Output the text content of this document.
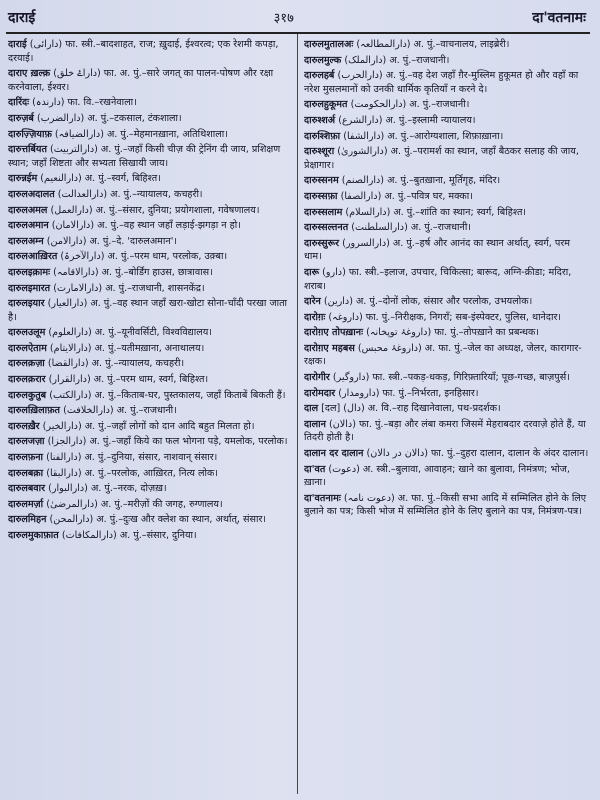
दाराई	३१७	दा'वतनामः

दाराई (دارائی) फा. स्त्री.–बादशाहत, राज; ख़ुदाई, ईश्वरत्व; एक रेशमी कपड़ा, दरयाई।

दाराए ख़ल्क़ (داراۓ خلق) फा. अ. पुं.–सारे जगत् का पालन-पोषण और रक्षा करनेवाला, ईश्वर।

दारिंदः (دارندہ) फा. वि.–रखनेवाला।

दारुज़र्ब (دارالضرب) अ. पुं.–टकसाल, टंकशाला।

दारुज़्ज़ियाफ़ (دارالضیافہ) अ. पुं.–मेहमानख़ाना, अतिथिशाला।

दारुत्तर्बियत (دارالتربیت) अ. पुं.–जहाँ किसी चीज़ की ट्रेनिंग दी जाय, प्रशिक्षण स्थान; जहाँ शिष्टता और सभ्यता सिखायी जाय।

दारुन्नईम (دارالنعیم) अ. पुं.–स्वर्ग, बिहिश्त।

दारुलअदालत (دارالعدالت) अ. पुं.–न्यायालय, कचहरी।

दारुलअमल (دارالعمل) अ. पुं.–संसार, दुनिया; प्रयोगशाला, गवेषणालय।

दारुलअमान (دارالامان) अ. पुं.–वह स्थान जहाँ लड़ाई-झगड़ा न हो।

दारुलअम्न (دارالامن) अ. पुं.–दे. 'दारुलअमान'।

दारुलआख़िरत (دارالآخرۃ) अ. पुं.–परम धाम, परलोक, उक़्बा।

दारुलइक़ामः (دارالاقامہ) अ. पुं.–बोर्डिंग हाउस, छात्रावास।

दारुलइमारत (دارالامارت) अ. पुं.–राजधानी, शासनकेंद्र।

दारुलइयार (دارالعیار) अ. पुं.–वह स्थान जहाँ खरा-खोटा सोना-चाँदी परखा जाता है।

दारुलउलूम (دارالعلوم) अ. पुं.–यूनीवर्सिटी, विश्वविद्यालय।

दारुलऐताम (دارالایتام) अ. पुं.–यतीमख़ाना, अनाथालय।

दारुलक़ज़ा (دارالقضا) अ. पुं.–न्यायालय, कचहरी।

दारुलक़रार (دارالقرار) अ. पुं.–परम धाम, स्वर्ग, बिहिश्त।

दारुलकुतुब (دارالکتب) अ. पुं.–किताब-घर, पुस्तकालय, जहाँ किताबें बिकती हैं।

दारुलख़िलाफ़त (دارالخلافت) अ. पुं.–राजधानी।

दारुलख़ैर (دارالخیر) अ. पुं.–जहाँ लोगों को दान आदि बहुत मिलता हो।

दारुलजज़ा (دارالجزا) अ. पुं.–जहाँ किये का फल भोगना पड़े, यमलोक, परलोक।

दारुलफ़ना (دارالفنا) अ. पुं.–दुनिया, संसार, नाशवान् संसार।

दारुलबक़ा (دارالبقا) अ. पुं.–परलोक, आख़िरत, नित्य लोक।

दारुलबवार (دارالبوار) अ. पुं.–नरक, दोज़ख़।

दारुलमर्ज़ा (دارالمرضیٰ) अ. पुं.–मरीज़ों की जगह, रुग्णालय।

दारुलमिहन (دارالمحن) अ. पुं.–दुःख और क्लेश का स्थान, अर्थात्, संसार।

दारुलमुकाफ़ात (دارالمکافات) अ. पुं.–संसार, दुनिया।

दारुलमुतालअः (دارالمطالعہ) अ. पुं.–वाचनालय, लाइब्रेरी।

दारुलमुल्क (دارالملک) अ. पुं.–राजधानी।

दारुलहर्ब (دارالحرب) अ. पुं.–वह देश जहाँ ग़ैर-मुस्लिम हुकूमत हो और वहाँ का नरेश मुसलमानों को उनकी धार्मिक कृतियाँ न करने दे।

दारुलहुकूमत (دارالحکومت) अ. पुं.–राजधानी।

दारुश्शर्अ (دارالشرع) अ. पुं.–इस्लामी न्यायालय।

दारुश्शिफ़ा (دارالشفا) अ. पुं.–आरोग्यशाला, शिफ़ाख़ाना।

दारुश्शूरा (دارالشوریٰ) अ. पुं.–परामर्श का स्थान, जहाँ बैठकर सलाह की जाय, प्रेक्षागार।

दारुस्सनम (دارالصنم) अ. पुं.–बुतख़ाना, मूर्तिगृह, मंदिर।

दारुस्सफ़ा (دارالصفا) अ. पुं.–पवित्र घर, मक्का।

दारुस्सलाम (دارالسلام) अ. पुं.–शांति का स्थान; स्वर्ग, बिहिश्त।

दारुस्सल्तनत (دارالسلطنت) अ. पुं.–राजधानी।

दारुस्सुरूर (دارالسرور) अ. पुं.–हर्ष और आनंद का स्थान अर्थात्, स्वर्ग, परम धाम।

दारू (دارو) फा. स्त्री.–इलाज, उपचार, चिकित्सा; बारूद, अग्नि-क्रीडा; मदिरा, शराब।

दारेन (دارین) अ. पुं.–दोनों लोक, संसार और परलोक, उभयलोक।

दारोग़ः (داروغہ) फा. पुं.–निरीक्षक, निगराँ; सब-इंस्पेक्टर, पुलिस, थानेदार।

दारोग़ए तोपख़ानः (داروغۂ توپخانہ) फा. पुं.–तोपख़ाने का प्रबन्धक।

दारोग़ए महबस (داروغۂ محبس) अ. फा. पुं.–जेल का अध्यक्ष, जेलर, कारागार-रक्षक।

दारोगीर (داروگیر) फा. स्त्री.–पकड़-धकड़, गिरिफ़्तारियाँ; पूछ-गच्छ, बाज़पुर्स।

दारोमदार (دارومدار) फा. पुं.–निर्भरता, इनहिसार।

दाल [दल] (دال) अ. वि.–राह दिखानेवाला, पथ-प्रदर्शक।

दालान (دالان) फा. पुं.–बड़ा और लंबा कमरा जिसमें मेहराबदार दरवाज़े होते हैं, या तिदरी होती है।

दालान दर दालान (دالان در دالان) फा. पुं.–दुहरा दालान, दालान के अंदर दालान।

दा'वत (دعوت) अ. स्त्री.–बुलावा, आवाहन; खाने का बुलावा, निमंत्रण; भोज, ख़ाना।

दा'वतनामः (دعوت نامہ) अ. फा. पुं.–किसी सभा आदि में सम्मिलित होने के लिए बुलाने का पत्र; किसी भोज में सम्मिलित होने के लिए बुलाने का पत्र, निमंत्रण-पत्र।
